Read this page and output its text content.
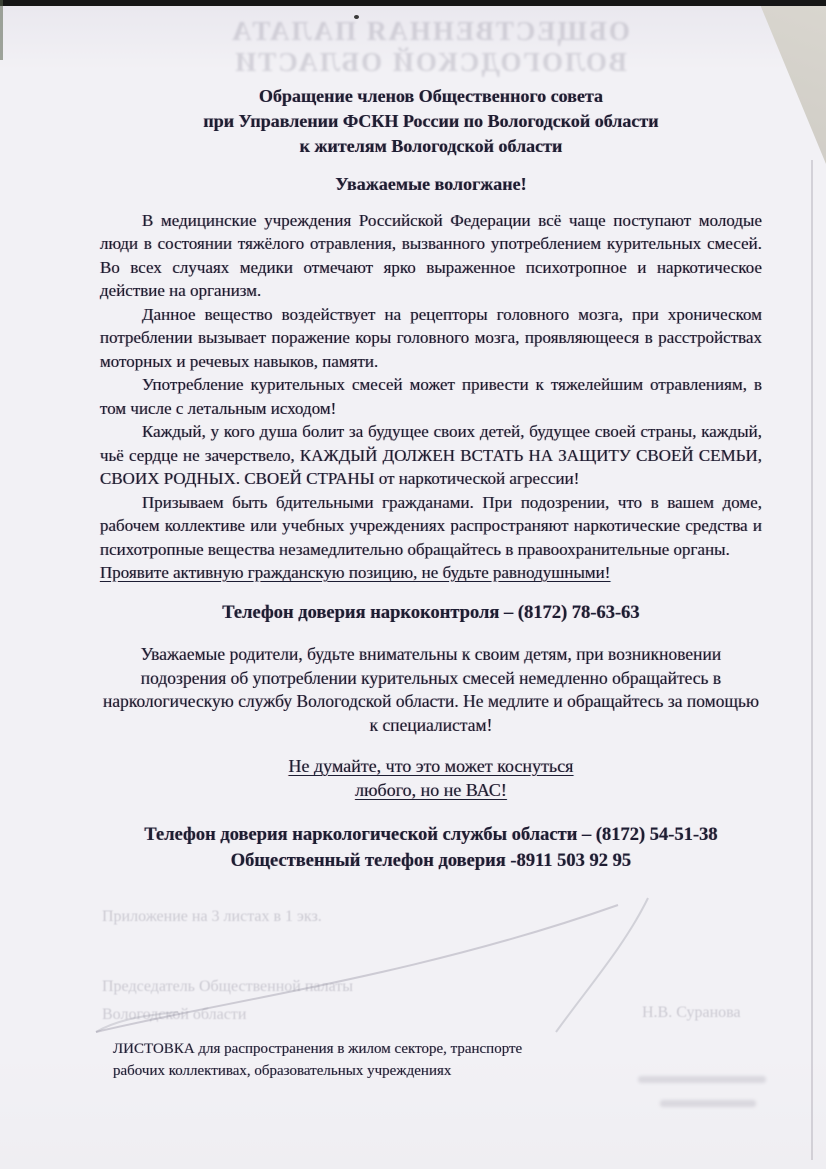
ОБЩЕСТВЕННАЯ ПАЛАТА
ВОЛОГОДСКОЙ ОБЛАСТИ
Приложение на 3 листах в 1 экз.
Председатель Общественной палаты
Вологодской области	Н.В. Суранова
Обращение членов Общественного совета
при Управлении ФСКН России по Вологодской области
к жителям Вологодской области
Уважаемые вологжане!

В медицинские учреждения Российской Федерации всё чаще поступают молодые люди в состоянии тяжёлого отравления, вызванного употреблением курительных смесей. Во всех случаях медики отмечают ярко выраженное психотропное и наркотическое действие на организм.

Данное вещество воздействует на рецепторы головного мозга, при хроническом потреблении вызывает поражение коры головного мозга, проявляющееся в расстройствах моторных и речевых навыков, памяти.

Употребление курительных смесей может привести к тяжелейшим отравлениям, в том числе с летальным исходом!

Каждый, у кого душа болит за будущее своих детей, будущее своей страны, каждый, чьё сердце не зачерствело, КАЖДЫЙ ДОЛЖЕН ВСТАТЬ НА ЗАЩИТУ СВОЕЙ СЕМЬИ, СВОИХ РОДНЫХ. СВОЕЙ СТРАНЫ от наркотической агрессии!

Призываем быть бдительными гражданами. При подозрении, что в вашем доме, рабочем коллективе или учебных учреждениях распространяют наркотические средства и психотропные вещества незамедлительно обращайтесь в правоохранительные органы.

Проявите активную гражданскую позицию, не будьте равнодушными!

Телефон доверия наркоконтроля – (8172) 78-63-63
Уважаемые родители, будьте внимательны к своим детям, при возникновении подозрения об употреблении курительных смесей немедленно обращайтесь в наркологическую службу Вологодской области. Не медлите и обращайтесь за помощью к специалистам!
Не думайте, что это может коснуться
любого, но не ВАС!
Телефон доверия наркологической службы области – (8172) 54-51-38
Общественный телефон доверия -8911 503 92 95
ЛИСТОВКА для распространения в жилом секторе, транспорте
рабочих коллективах, образовательных учреждениях
